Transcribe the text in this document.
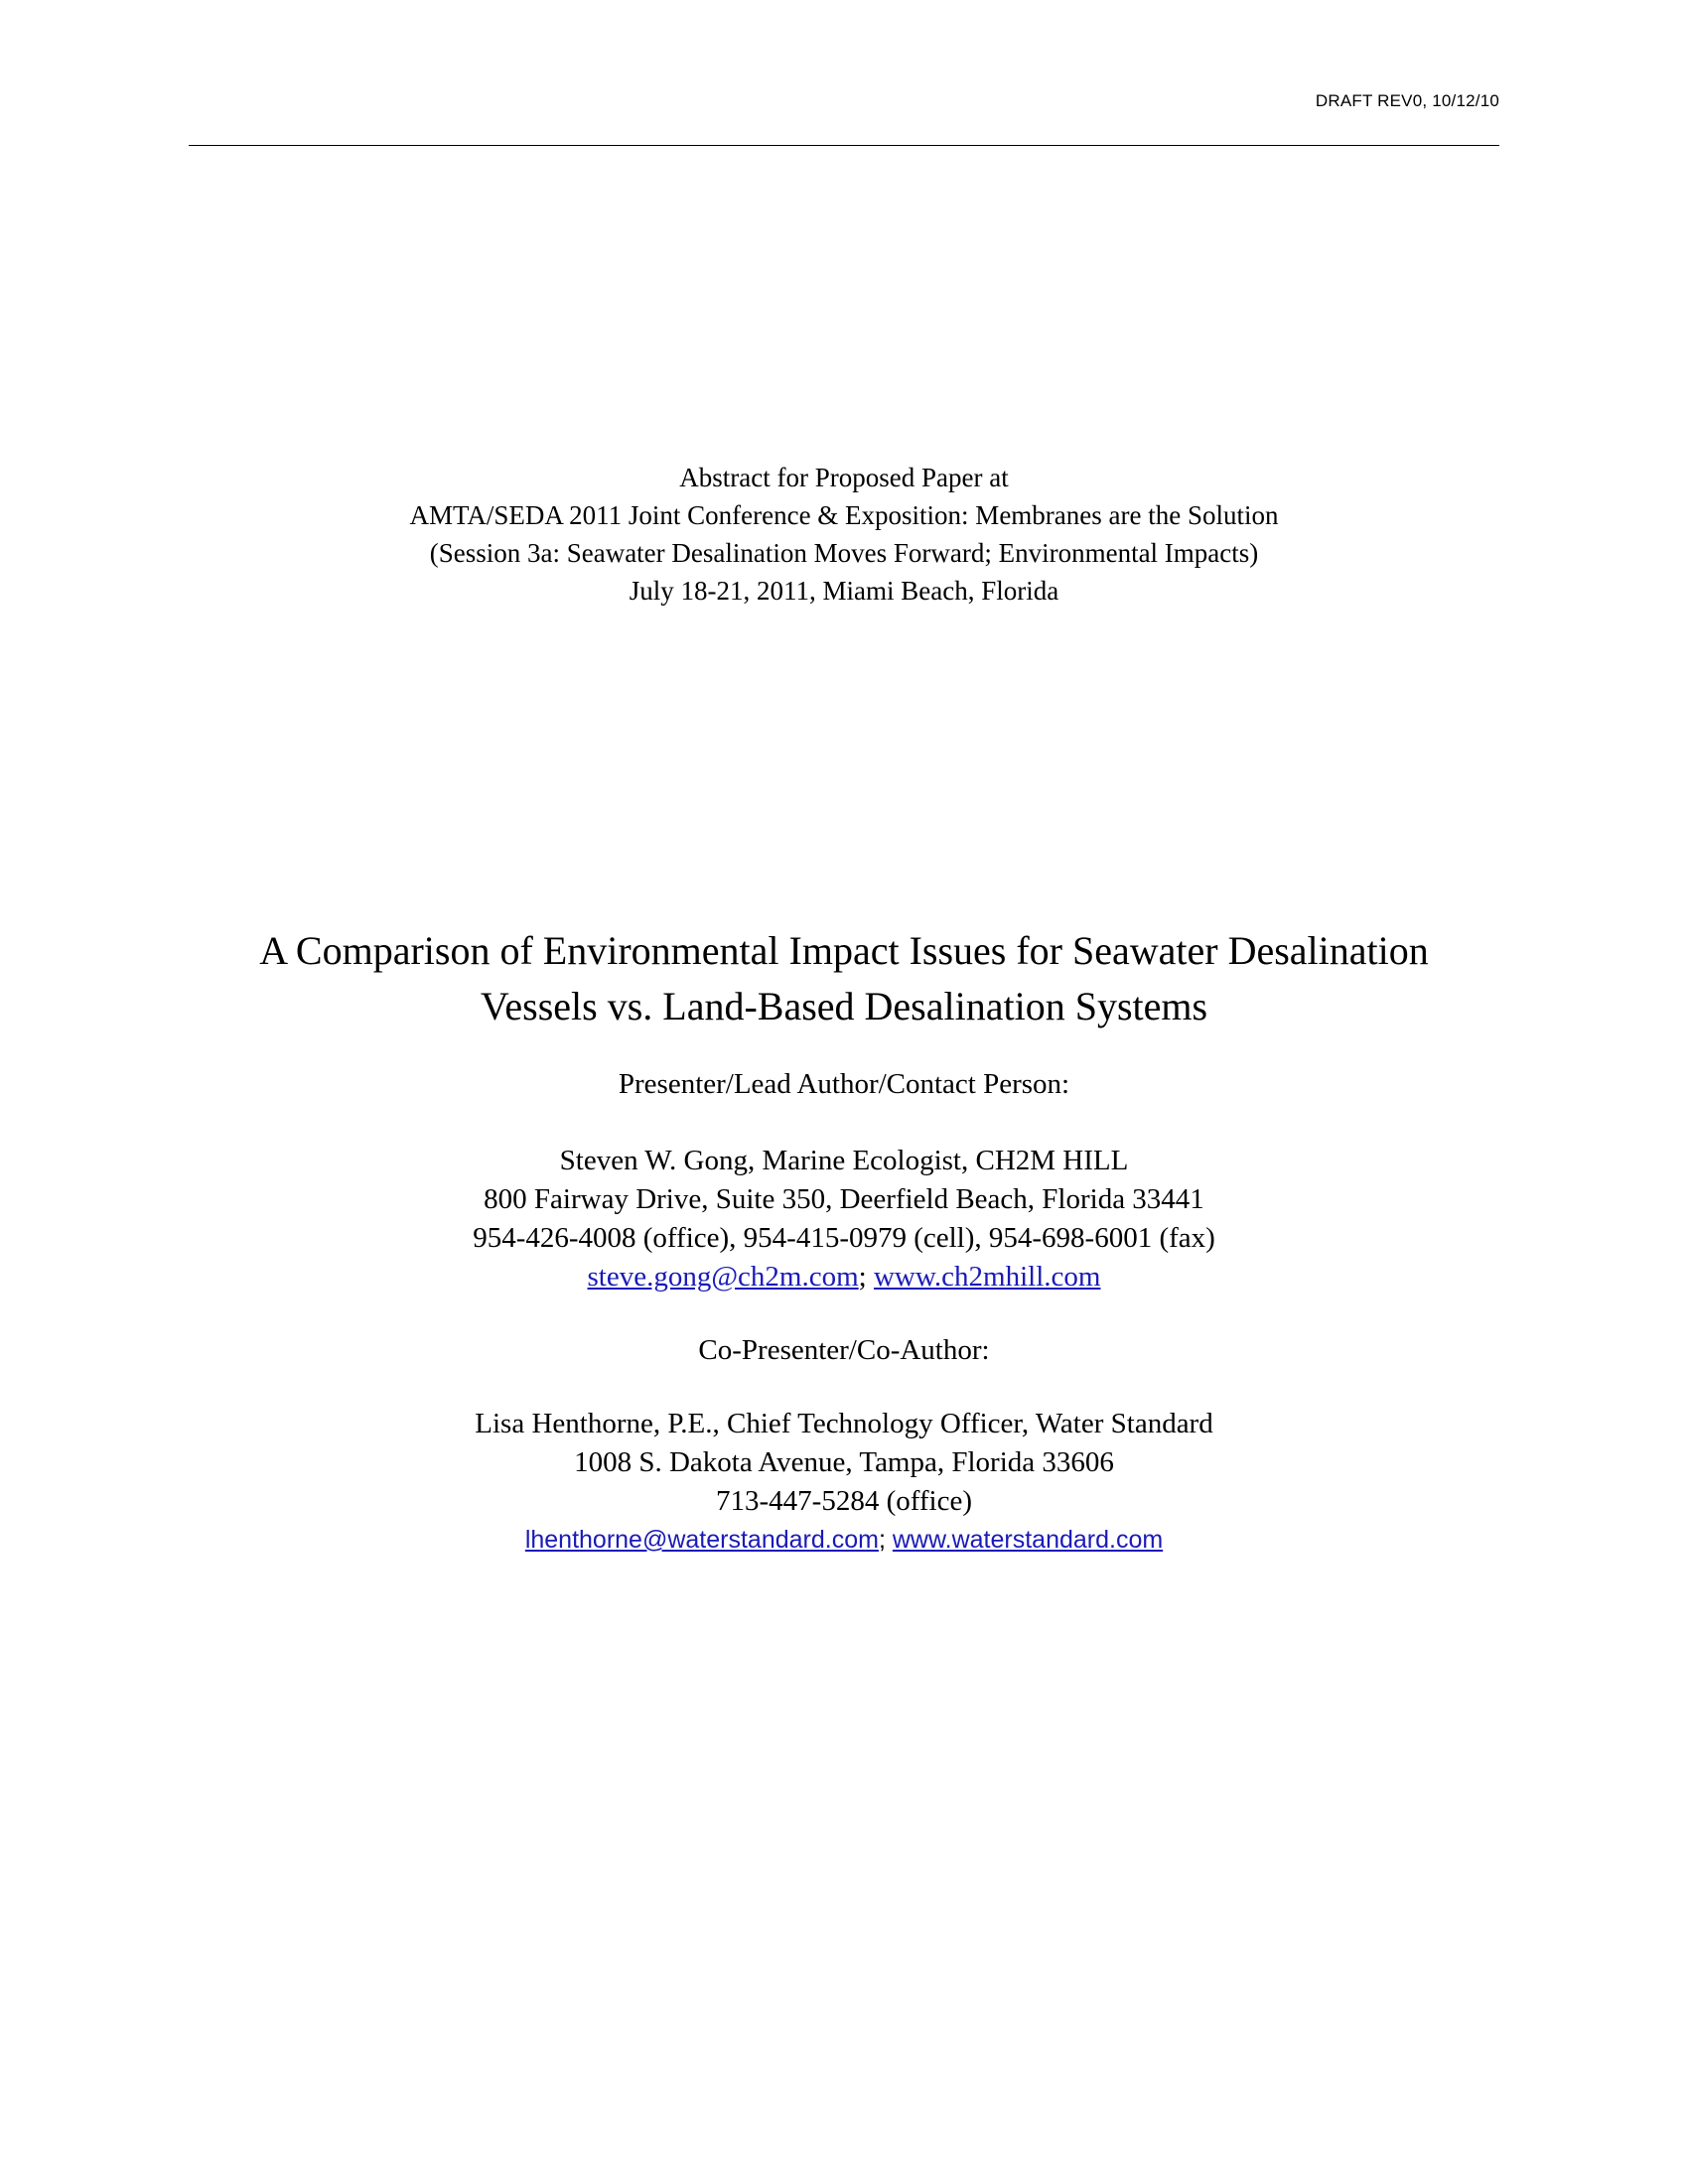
DRAFT REV0, 10/12/10
Abstract for Proposed Paper at
AMTA/SEDA 2011 Joint Conference & Exposition: Membranes are the Solution
(Session 3a: Seawater Desalination Moves Forward; Environmental Impacts)
July 18-21, 2011, Miami Beach, Florida
A Comparison of Environmental Impact Issues for Seawater Desalination Vessels vs. Land-Based Desalination Systems
Presenter/Lead Author/Contact Person:
Steven W. Gong, Marine Ecologist, CH2M HILL
800 Fairway Drive, Suite 350, Deerfield Beach, Florida 33441
954-426-4008 (office), 954-415-0979 (cell), 954-698-6001 (fax)
steve.gong@ch2m.com; www.ch2mhill.com
Co-Presenter/Co-Author:
Lisa Henthorne, P.E., Chief Technology Officer, Water Standard
1008 S. Dakota Avenue, Tampa, Florida 33606
713-447-5284 (office)
lhenthorne@waterstandard.com; www.waterstandard.com
